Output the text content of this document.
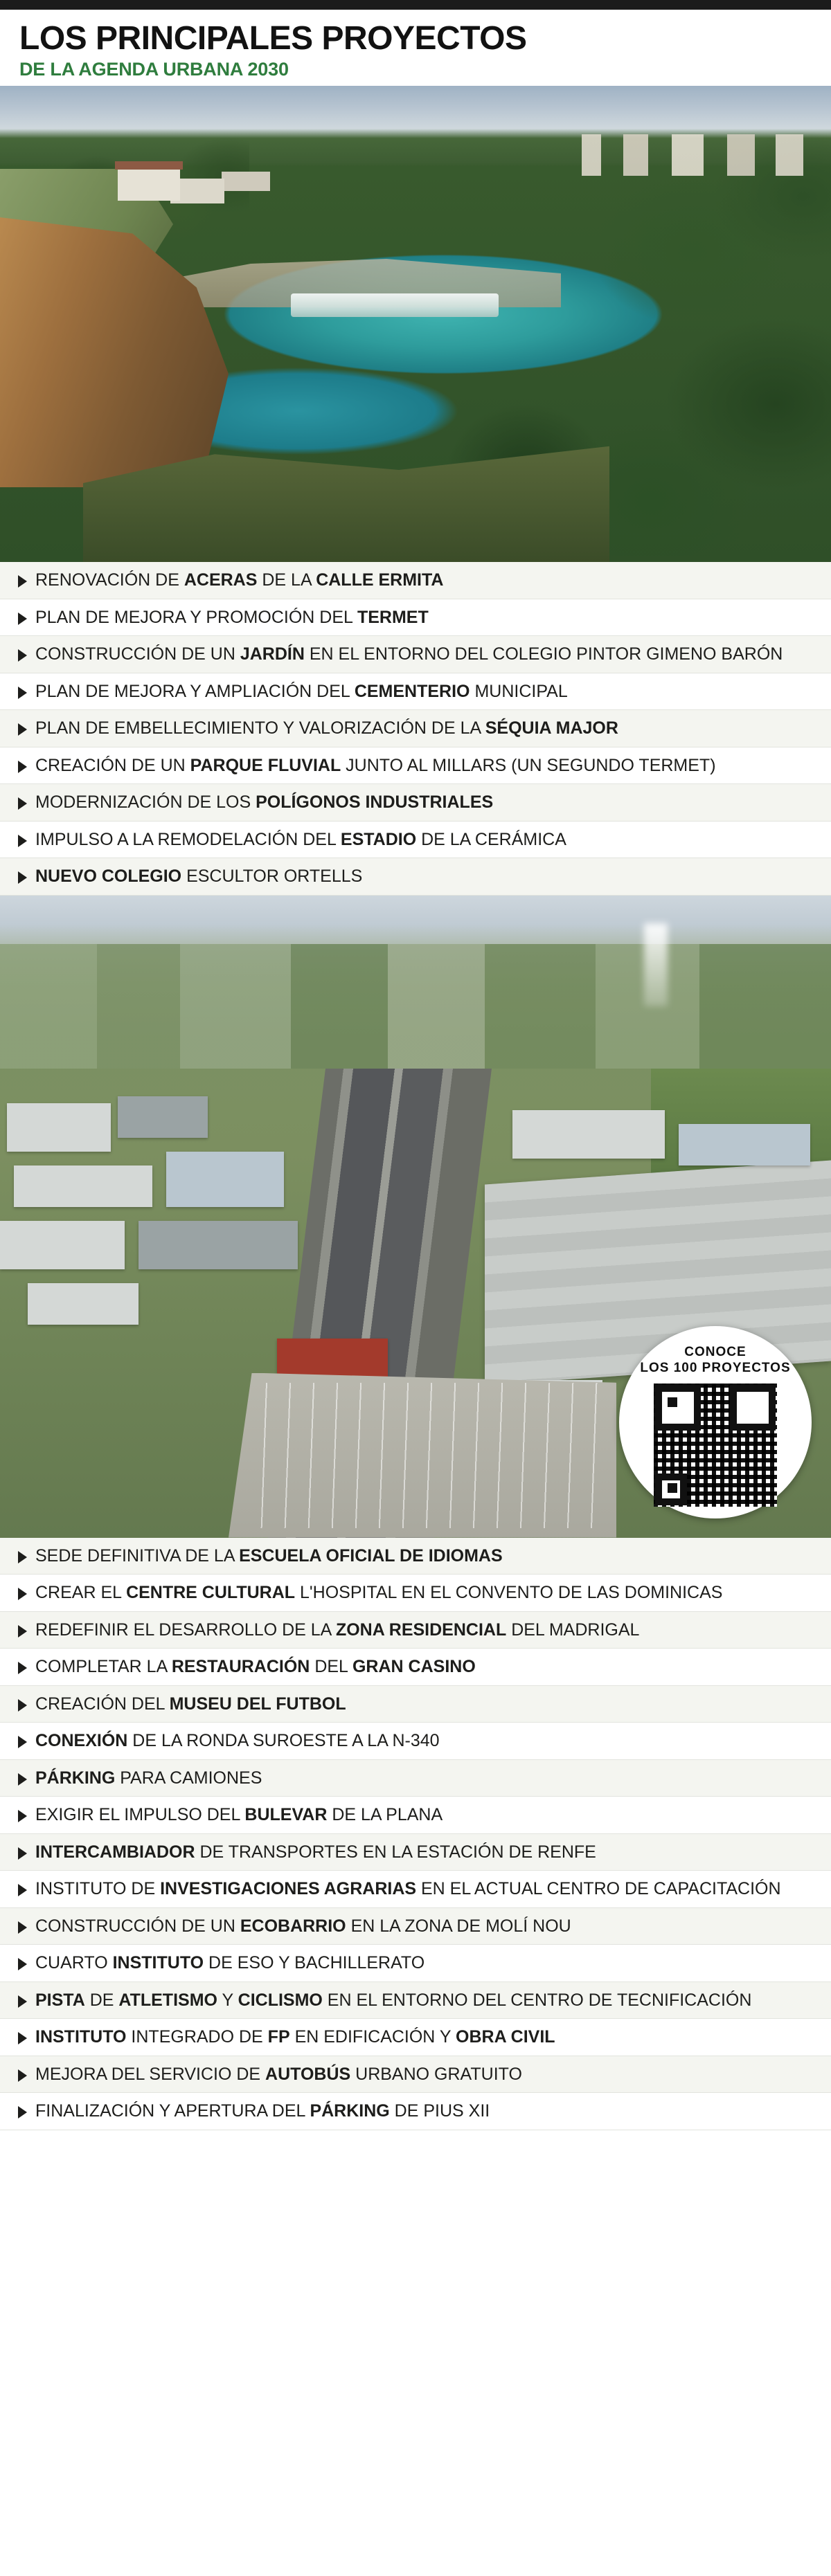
LOS PRINCIPALES PROYECTOS
DE LA AGENDA URBANA 2030
RENOVACIÓN DE ACERAS DE LA CALLE ERMITA
PLAN DE MEJORA Y PROMOCIÓN DEL TERMET
CONSTRUCCIÓN DE UN JARDÍN EN EL ENTORNO DEL COLEGIO PINTOR GIMENO BARÓN
PLAN DE MEJORA Y AMPLIACIÓN DEL CEMENTERIO MUNICIPAL
PLAN DE EMBELLECIMIENTO Y VALORIZACIÓN DE LA SÉQUIA MAJOR
CREACIÓN DE UN PARQUE FLUVIAL JUNTO AL MILLARS (UN SEGUNDO TERMET)
MODERNIZACIÓN DE LOS POLÍGONOS INDUSTRIALES
IMPULSO A LA REMODELACIÓN DEL ESTADIO DE LA CERÁMICA
NUEVO COLEGIO ESCULTOR ORTELLS
CONOCE
LOS 100 PROYECTOS
SEDE DEFINITIVA DE LA ESCUELA OFICIAL DE IDIOMAS
CREAR EL CENTRE CULTURAL L'HOSPITAL EN EL CONVENTO DE LAS DOMINICAS
REDEFINIR EL DESARROLLO DE LA ZONA RESIDENCIAL DEL MADRIGAL
COMPLETAR LA RESTAURACIÓN DEL GRAN CASINO
CREACIÓN DEL MUSEU DEL FUTBOL
CONEXIÓN DE LA RONDA SUROESTE A LA N-340
PÁRKING PARA CAMIONES
EXIGIR EL IMPULSO DEL BULEVAR DE LA PLANA
INTERCAMBIADOR DE TRANSPORTES EN LA ESTACIÓN DE RENFE
INSTITUTO DE INVESTIGACIONES AGRARIAS EN EL ACTUAL CENTRO DE CAPACITACIÓN
CONSTRUCCIÓN DE UN ECOBARRIO EN LA ZONA DE MOLÍ NOU
CUARTO INSTITUTO DE ESO Y BACHILLERATO
PISTA DE ATLETISMO Y CICLISMO EN EL ENTORNO DEL CENTRO DE TECNIFICACIÓN
INSTITUTO INTEGRADO DE FP EN EDIFICACIÓN Y OBRA CIVIL
MEJORA DEL SERVICIO DE AUTOBÚS URBANO GRATUITO
FINALIZACIÓN Y APERTURA DEL PÁRKING DE PIUS XII
